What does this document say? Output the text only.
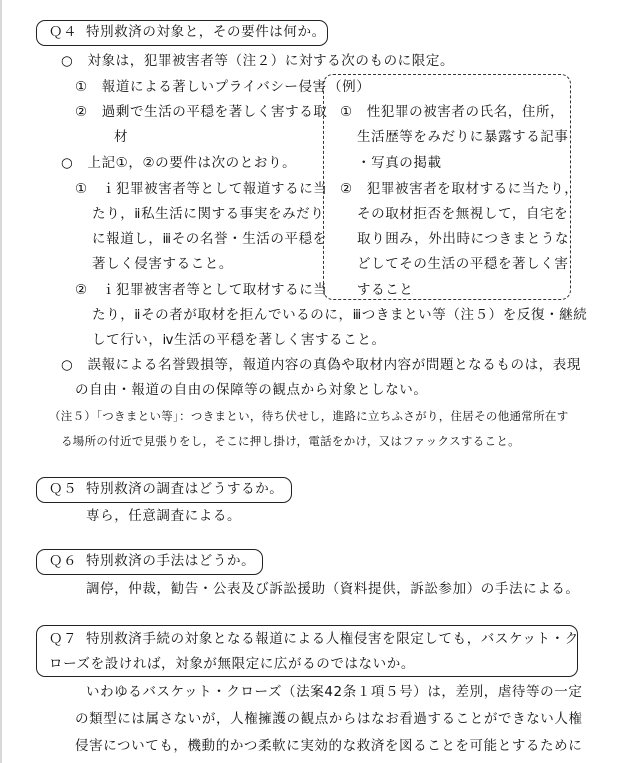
Ｑ４ 特別救済の対象と，その要件は何か。
○　対象は，犯罪被害者等（注２）に対する次のものに限定。
①　報道による著しいプライバシー侵害
②　過剰で生活の平穏を著しく害する取
材
○　上記①，②の要件は次のとおり。
①　ｉ犯罪被害者等として報道するに当
たり，ⅱ私生活に関する事実をみだり
に報道し，ⅲその名誉・生活の平穏を
著しく侵害すること。
②　ｉ犯罪被害者等として取材するに当
たり，ⅱその者が取材を拒んでいるのに，ⅲつきまとい等（注５）を反復・継続
して行い，ⅳ生活の平穏を著しく害すること。
（例）
①　性犯罪の被害者の氏名，住所，
生活歴等をみだりに暴露する記事
・写真の掲載
②　犯罪被害者を取材するに当たり，
その取材拒否を無視して，自宅を
取り囲み，外出時につきまとうな
どしてその生活の平穏を著しく害
すること
○　誤報による名誉毀損等，報道内容の真偽や取材内容が問題となるものは，表現
の自由・報道の自由の保障等の観点から対象としない。
（注５）「つきまとい等」：つきまとい，待ち伏せし，進路に立ちふさがり，住居その他通常所在す
る場所の付近で見張りをし，そこに押し掛け，電話をかけ，又はファックスすること。
Ｑ５ 特別救済の調査はどうするか。
専ら，任意調査による。
Ｑ６ 特別救済の手法はどうか。
調停，仲裁，勧告・公表及び訴訟援助（資料提供，訴訟参加）の手法による。
Ｑ７ 特別救済手続の対象となる報道による人権侵害を限定しても，バスケット・ク
ローズを設ければ，対象が無限定に広がるのではないか。
いわゆるバスケット・クローズ（法案42条１項５号）は，差別，虐待等の一定
の類型には属さないが，人権擁護の観点からはなお看過することができない人権
侵害についても，機動的かつ柔軟に実効的な救済を図ることを可能とするために
